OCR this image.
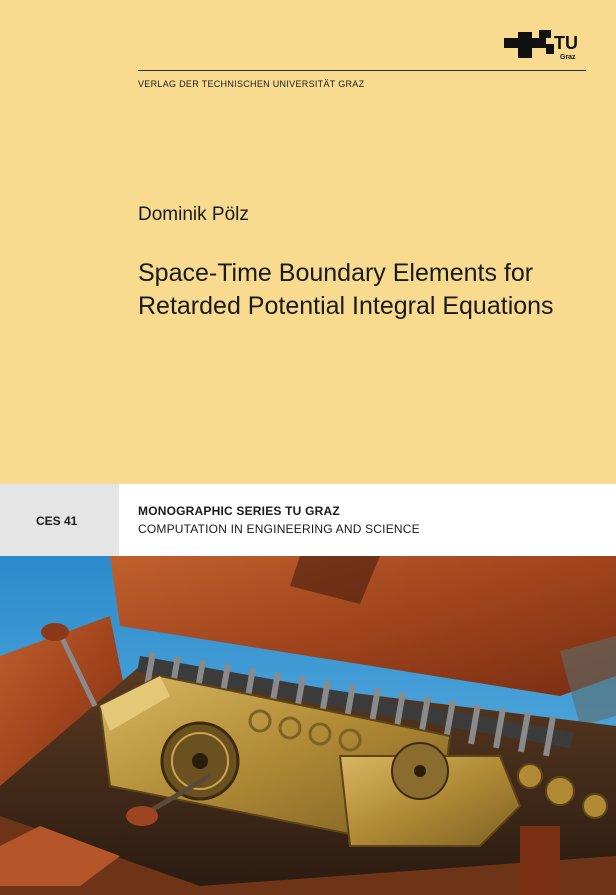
TU
Graz
VERLAG DER TECHNISCHEN UNIVERSITÄT GRAZ
Dominik Pölz
Space-Time Boundary Elements for
Retarded Potential Integral Equations
CES 41
MONOGRAPHIC SERIES TU GRAZ
COMPUTATION IN ENGINEERING AND SCIENCE
